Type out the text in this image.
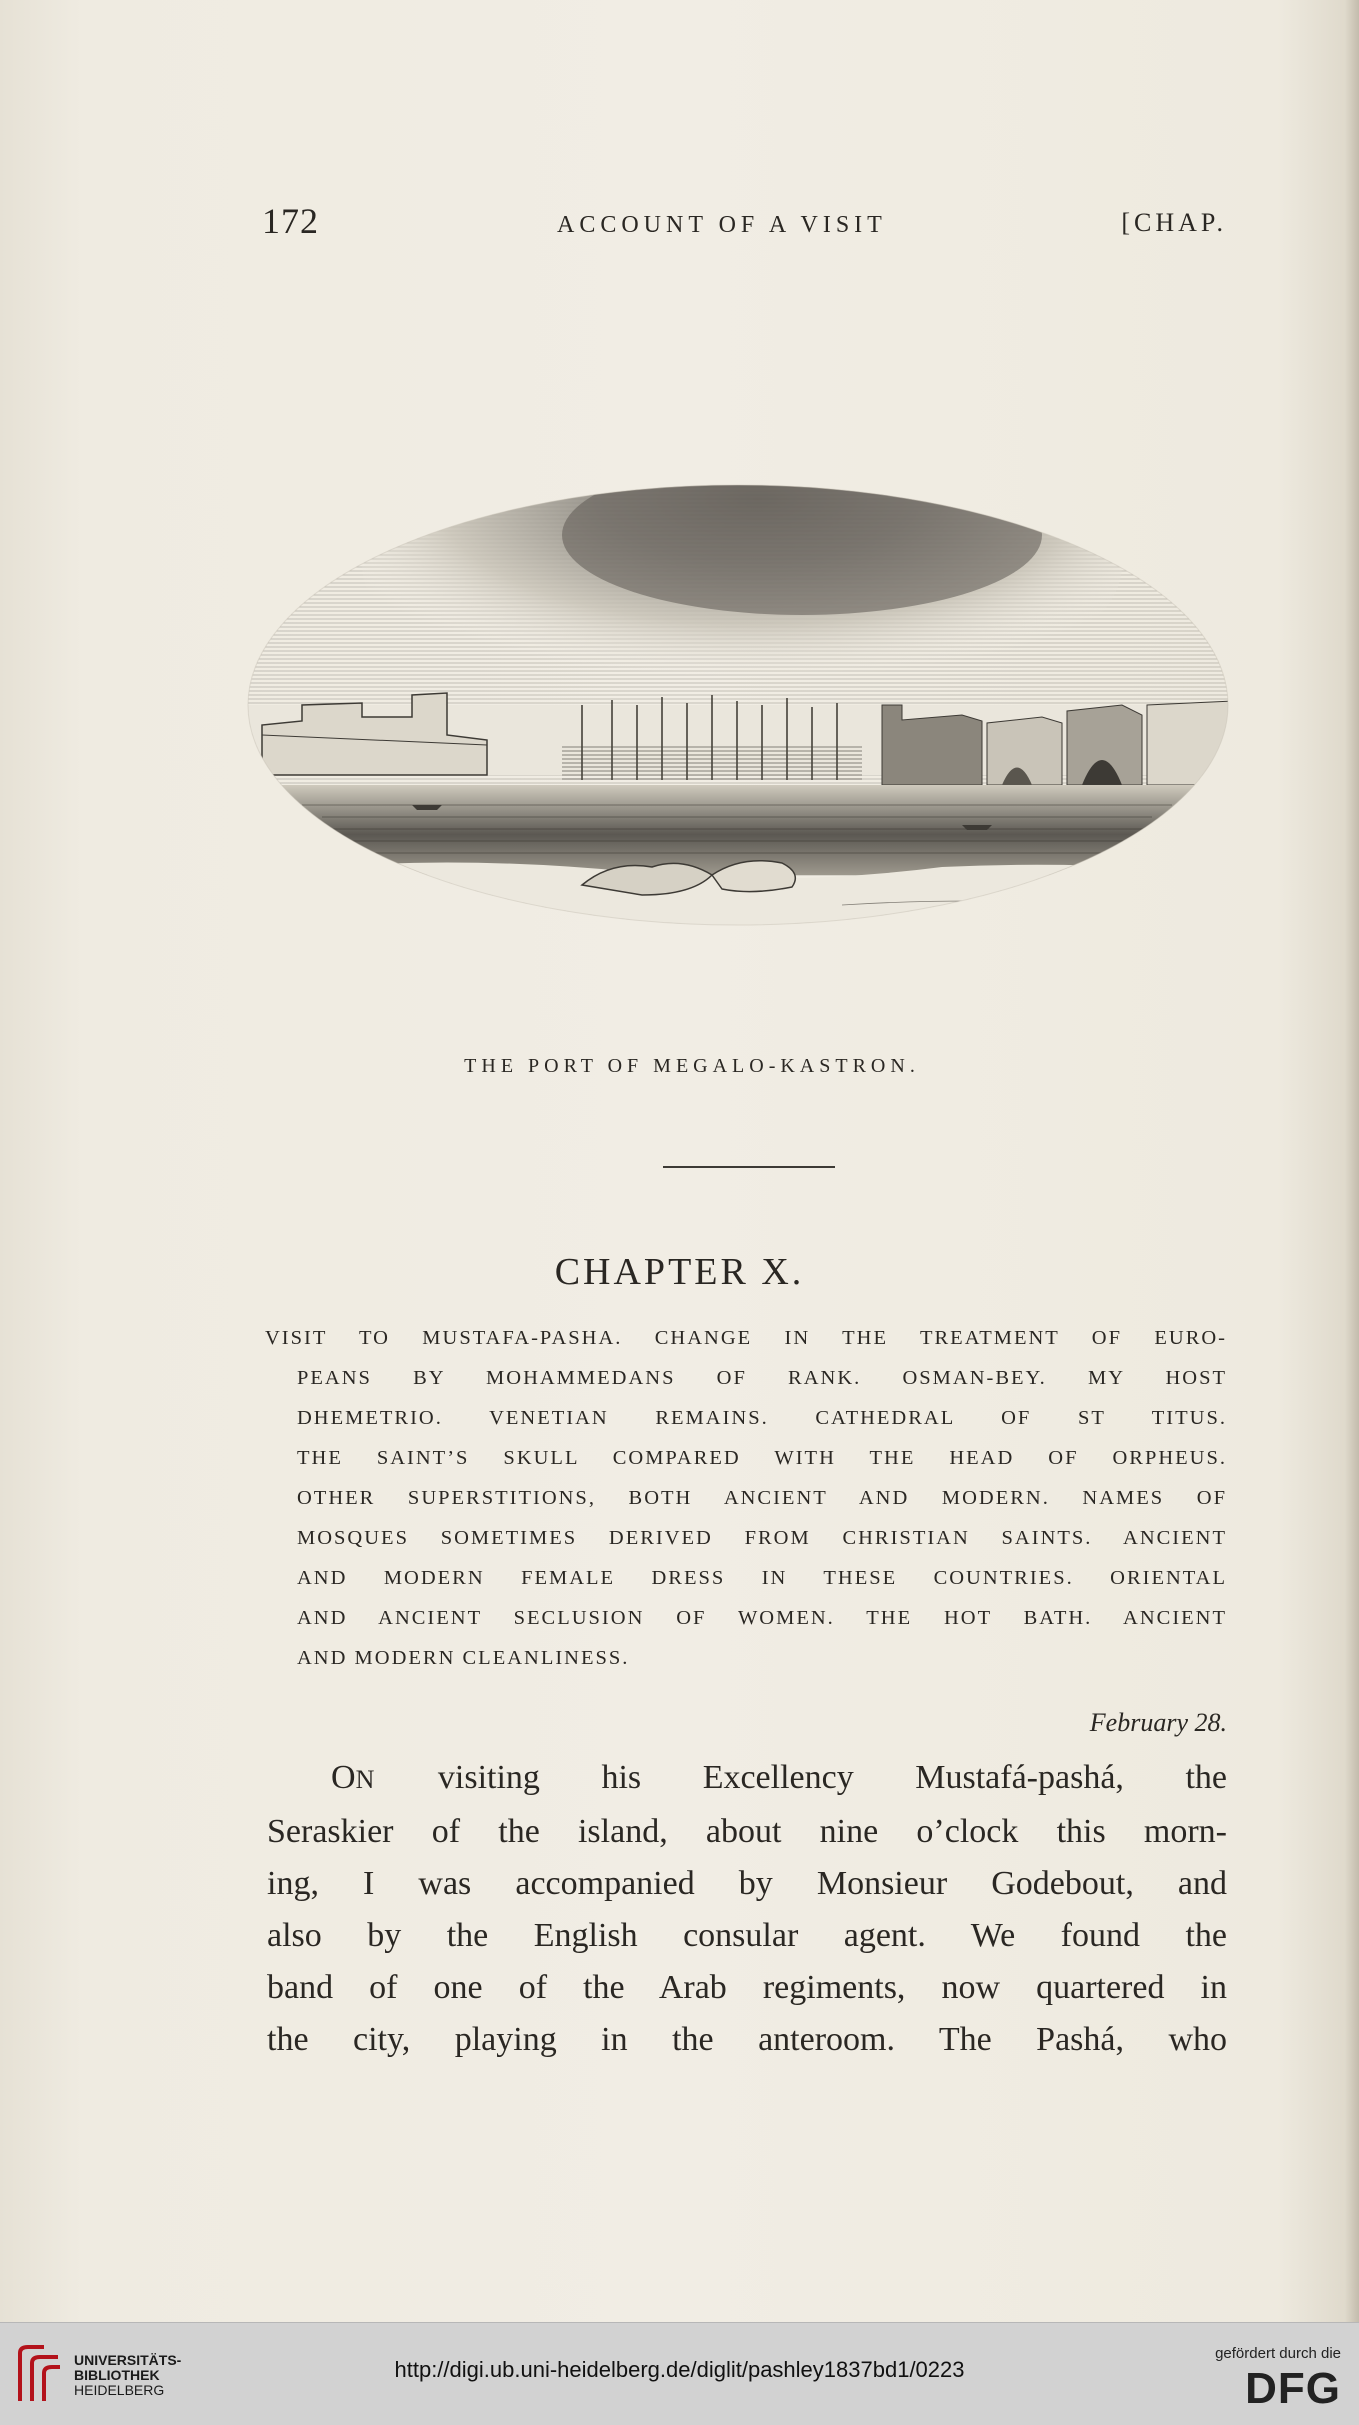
172	ACCOUNT OF A VISIT	[CHAP.
THE PORT OF MEGALO-KASTRON.
CHAPTER X.
VISIT TO MUSTAFA-PASHA. CHANGE IN THE TREATMENT OF EURO-
PEANS BY MOHAMMEDANS OF RANK. OSMAN-BEY. MY HOST
DHEMETRIO. VENETIAN REMAINS. CATHEDRAL OF ST TITUS.
THE SAINT’S SKULL COMPARED WITH THE HEAD OF ORPHEUS.
OTHER SUPERSTITIONS, BOTH ANCIENT AND MODERN. NAMES OF
MOSQUES SOMETIMES DERIVED FROM CHRISTIAN SAINTS. ANCIENT
AND MODERN FEMALE DRESS IN THESE COUNTRIES. ORIENTAL
AND ANCIENT SECLUSION OF WOMEN. THE HOT BATH. ANCIENT
AND MODERN CLEANLINESS.
February 28.
ON visiting his Excellency Mustafá-pashá, the
Seraskier of the island, about nine o’clock this morn-
ing, I was accompanied by Monsieur Godebout, and
also by the English consular agent. We found the
band of one of the Arab regiments, now quartered in
the city, playing in the anteroom. The Pashá, who
UNIVERSITÄTS-
BIBLIOTHEK
HEIDELBERG
http://digi.ub.uni-heidelberg.de/diglit/pashley1837bd1/0223
gefördert durch die
DFG
